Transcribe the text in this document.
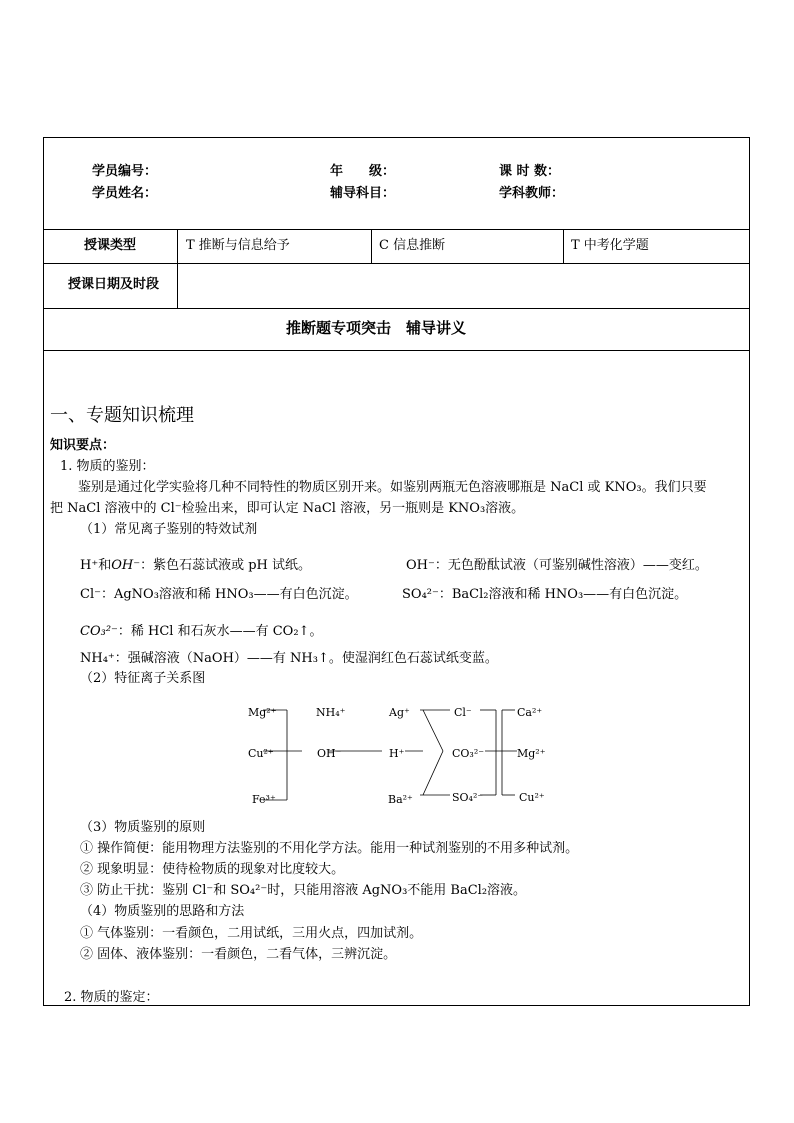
学员编号：	年　　级：	课 时 数：
学员姓名：	辅导科目：	学科教师：
授课类型	T 推断与信息给予	C 信息推断	T 中考化学题
授课日期及时段
推断题专项突击　辅导讲义
一、专题知识梳理
知识要点：
1. 物质的鉴别：
鉴别是通过化学实验将几种不同特性的物质区别开来。如鉴别两瓶无色溶液哪瓶是 NaCl 或 KNO₃。我们只要
把 NaCl 溶液中的 Cl⁻检验出来，即可认定 NaCl 溶液，另一瓶则是 KNO₃溶液。
（1）常见离子鉴别的特效试剂
H⁺和OH⁻：紫色石蕊试液或 pH 试纸。	OH⁻：无色酚酞试液（可鉴别碱性溶液）——变红。
Cl⁻：AgNO₃溶液和稀 HNO₃——有白色沉淀。	SO₄²⁻：BaCl₂溶液和稀 HNO₃——有白色沉淀。
CO₃²⁻：稀 HCl 和石灰水——有 CO₂↑。
NH₄⁺：强碱溶液（NaOH）——有 NH₃↑。使湿润红色石蕊试纸变蓝。
（2）特征离子关系图
Mg²⁺
Cu²⁺
Fe³⁺
NH₄⁺
OH⁻
Ag⁺
H⁺
Ba²⁺
Cl⁻
CO₃²⁻
SO₄²⁻
Ca²⁺
Mg²⁺
Cu²⁺
（3）物质鉴别的原则
① 操作简便：能用物理方法鉴别的不用化学方法。能用一种试剂鉴别的不用多种试剂。
② 现象明显：使待检物质的现象对比度较大。
③ 防止干扰：鉴别 Cl⁻和 SO₄²⁻时，只能用溶液 AgNO₃不能用 BaCl₂溶液。
（4）物质鉴别的思路和方法
① 气体鉴别：一看颜色，二用试纸，三用火点，四加试剂。
② 固体、液体鉴别：一看颜色，二看气体，三辨沉淀。
2. 物质的鉴定：
